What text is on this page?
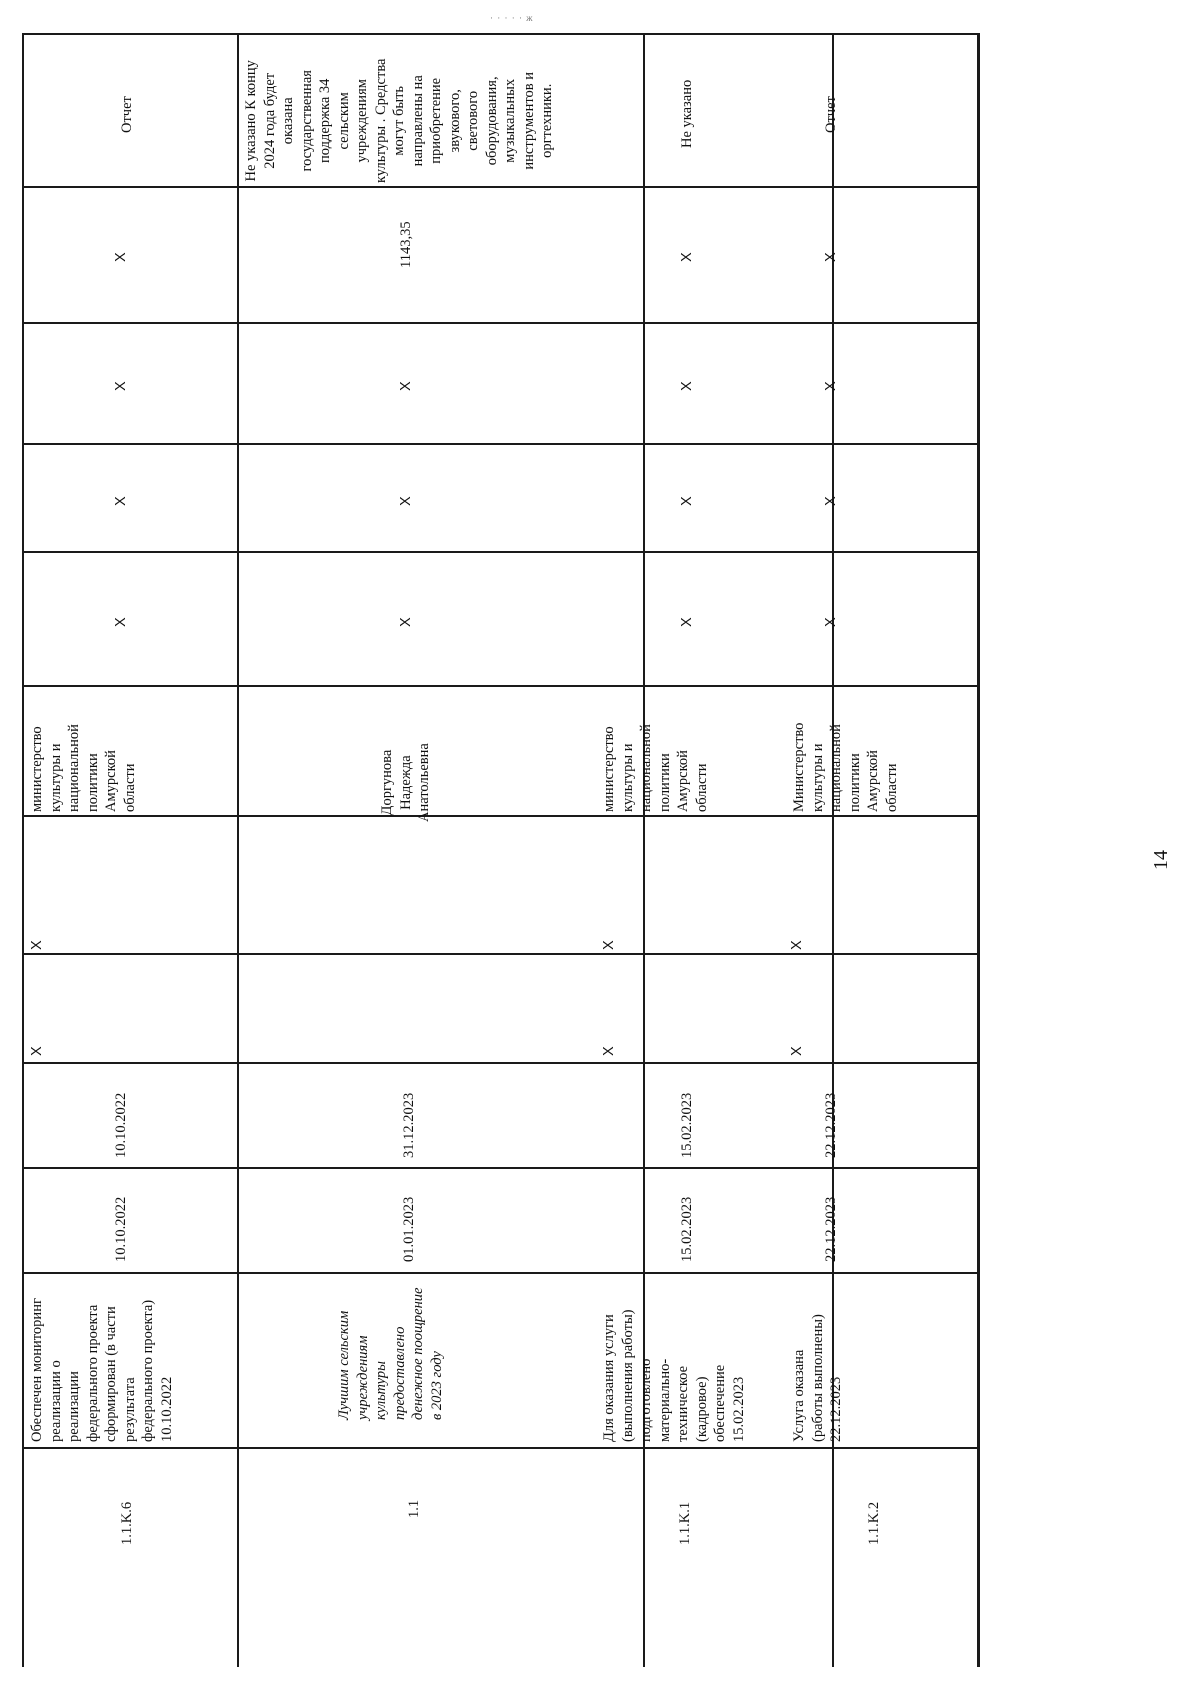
· · · · · ж
1.1.K.6
Обеспечен мониторинг
реализации о
реализации
федерального проекта
сформирован (в части
результата
федерального проекта)
10.10.2022
10.10.2022
10.10.2022
X
X
министерство
культуры и
национальной
политики
Амурской
области
X
X
X
X
Отчет
1.1
Лучшим сельским
учреждениям
культуры
предоставлено
денежное поощрение
в 2023 году
01.01.2023
31.12.2023
Доргунова
Надежда
Анатольевна
X
X
X
1143,35
Не указано К концу
2024 года будет
оказана
государственная
поддержка 34
сельским
учреждениям
культуры . Средства
могут быть
направлены на
приобретение
звукового,
светового
оборудования,
музыкальных
инструментов и
оргтехники.
1.1.K.1
Для оказания услуги
(выполнения работы)
подготовлено
материально-
техническое
(кадровое)
обеспечение
15.02.2023
15.02.2023
15.02.2023
X
X
министерство
культуры и
национальной
политики
Амурской
области
X
X
X
X
Не указано
1.1.K.2
Услуга оказана
(работы выполнены)
22.12.2023
22.12.2023
22.12.2023
X
X
Министерство
культуры и
национальной
политики
Амурской
области
X
X
X
X
Отчет
14
